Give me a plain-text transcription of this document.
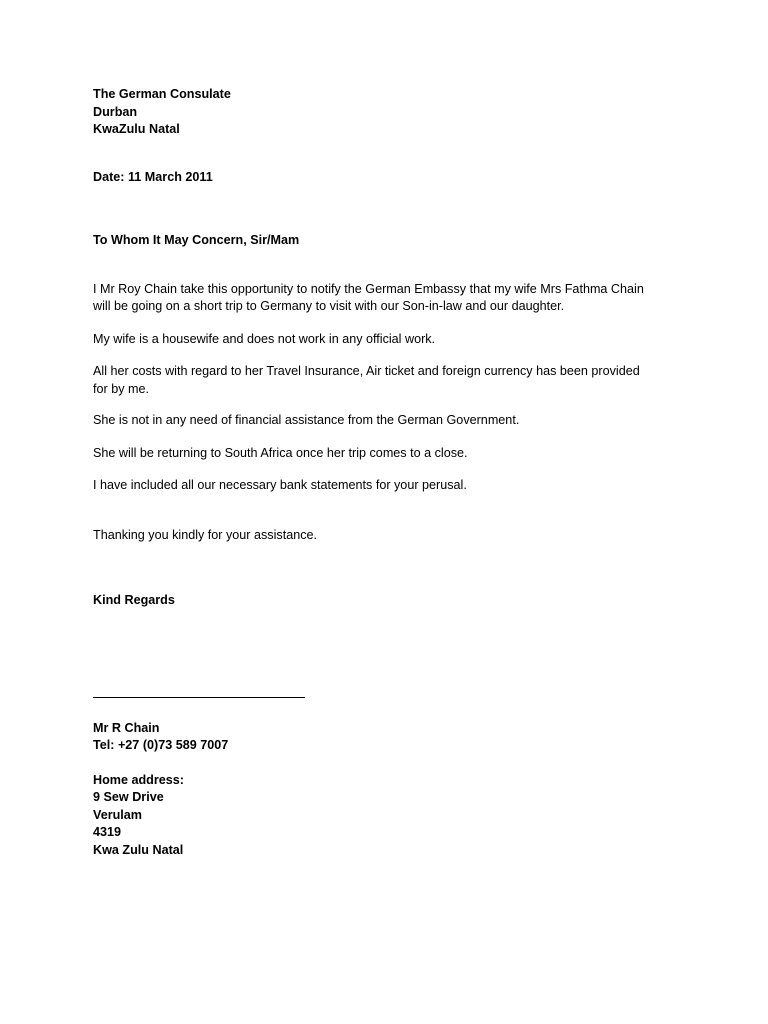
The German Consulate
Durban
KwaZulu Natal
Date: 11 March 2011
To Whom It May Concern, Sir/Mam
I Mr Roy Chain take this opportunity to notify the German Embassy that my wife Mrs Fathma Chain
will be going on a short trip to Germany to visit with our Son-in-law and our daughter.
My wife is a housewife and does not work in any official work.
All her costs with regard to her Travel Insurance, Air ticket and foreign currency has been provided
for by me.
She is not in any need of financial assistance from the German Government.
She will be returning to South Africa once her trip comes to a close.
I have included all our necessary bank statements for your perusal.
Thanking you kindly for your assistance.
Kind Regards
Mr R Chain
Tel: +27 (0)73 589 7007
Home address:
9 Sew Drive
Verulam
4319
Kwa Zulu Natal
